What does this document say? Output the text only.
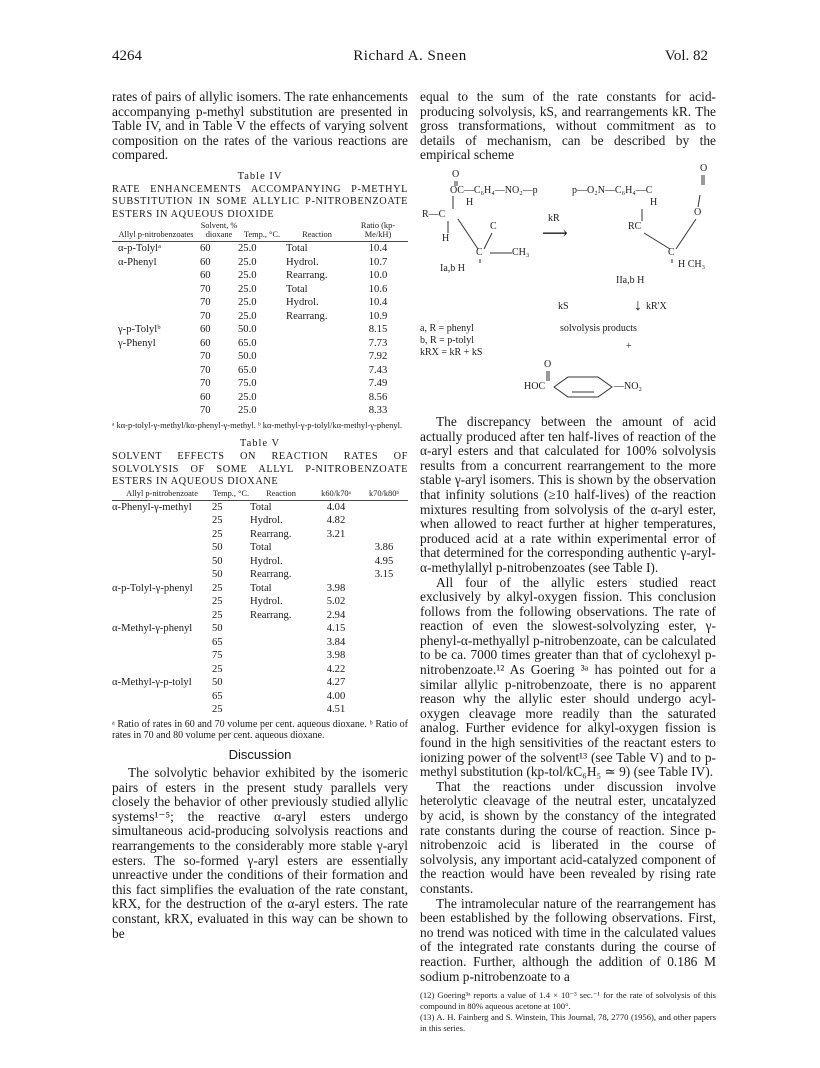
4264	Richard A. Sneen	Vol. 82

rates of pairs of allylic isomers. The rate enhancements accompanying p-methyl substitution are presented in Table IV, and in Table V the effects of varying solvent composition on the rates of the various reactions are compared.

Table IV

RATE ENHANCEMENTS ACCOMPANYING P-METHYL SUBSTITUTION IN SOME ALLYLIC P-NITROBENZOATE ESTERS IN AQUEOUS DIOXIDE

Allyl p-nitrobenzoates	Solvent, % dioxane	Temp., °C.	Reaction	Ratio (kp-Me/kH)
α-p-Tolylᵃ	60	25.0	Total	10.4
α-Phenyl	60	25.0	Hydrol.	10.7
	60	25.0	Rearrang.	10.0
	70	25.0	Total	10.6
	70	25.0	Hydrol.	10.4
	70	25.0	Rearrang.	10.9
γ-p-Tolylᵇ	60	50.0		8.15
γ-Phenyl	60	65.0		7.73
	70	50.0		7.92
	70	65.0		7.43
	70	75.0		7.49
	60	25.0		8.56
	70	25.0		8.33

ᵃ kα-p-tolyl-γ-methyl/kα-phenyl-γ-methyl. ᵇ kα-methyl-γ-p-tolyl/kα-methyl-γ-phenyl.

Table V

SOLVENT EFFECTS ON REACTION RATES OF SOLVOLYSIS OF SOME ALLYL P-NITROBENZOATE ESTERS IN AQUEOUS DIOXANE

Allyl p-nitrobenzoate	Temp., °C.	Reaction	k60/k70ᵃ	k70/k80ᵇ
α-Phenyl-γ-methyl	25	Total	4.04	
	25	Hydrol.	4.82	
	25	Rearrang.	3.21	
	50	Total		3.86
	50	Hydrol.		4.95
	50	Rearrang.		3.15
α-p-Tolyl-γ-phenyl	25	Total	3.98	
	25	Hydrol.	5.02	
	25	Rearrang.	2.94	
α-Methyl-γ-phenyl	50		4.15	
	65		3.84	
	75		3.98	
	25		4.22	
α-Methyl-γ-p-tolyl	50		4.27	
	65		4.00	
	25		4.51	

ᵃ Ratio of rates in 60 and 70 volume per cent. aqueous dioxane. ᵇ Ratio of rates in 70 and 80 volume per cent. aqueous dioxane.

Discussion

The solvolytic behavior exhibited by the isomeric pairs of esters in the present study parallels very closely the behavior of other previously studied allylic systems¹⁻⁵; the reactive α-aryl esters undergo simultaneous acid-producing solvolysis reactions and rearrangements to the considerably more stable γ-aryl esters. The so-formed γ-aryl esters are essentially unreactive under the conditions of their formation and this fact simplifies the evaluation of the rate constant, kRX, for the destruction of the α-aryl esters. The rate constant, kRX, evaluated in this way can be shown to be

equal to the sum of the rate constants for acid-producing solvolysis, kS, and rearrangements kR. The gross transformations, without commitment as to details of mechanism, can be described by the empirical scheme

O
OC—C₆H₄—NO₂—p
H
R—C
C
H
C	CH₃
Ia,b H
kR
⟶
O
p—O₂N—C₆H₄—C
H
O
RC
C
H CH₃
IIa,b H
kS	↓ kR'X
a, R = phenyl
b, R = p-tolyl
kRX = kR + kS
solvolysis products
+
O
HOC	—NO₂

The discrepancy between the amount of acid actually produced after ten half-lives of reaction of the α-aryl esters and that calculated for 100% solvolysis results from a concurrent rearrangement to the more stable γ-aryl isomers. This is shown by the observation that infinity solutions (≥10 half-lives) of the reaction mixtures resulting from solvolysis of the α-aryl ester, when allowed to react further at higher temperatures, produced acid at a rate within experimental error of that determined for the corresponding authentic γ-aryl-α-methylallyl p-nitrobenzoates (see Table I).

All four of the allylic esters studied react exclusively by alkyl-oxygen fission. This conclusion follows from the following observations. The rate of reaction of even the slowest-solvolyzing ester, γ-phenyl-α-methyallyl p-nitrobenzoate, can be calculated to be ca. 7000 times greater than that of cyclohexyl p-nitrobenzoate.¹² As Goering ³ᵃ has pointed out for a similar allylic p-nitrobenzoate, there is no apparent reason why the allylic ester should undergo acyl-oxygen cleavage more readily than the saturated analog. Further evidence for alkyl-oxygen fission is found in the high sensitivities of the reactant esters to ionizing power of the solvent¹³ (see Table V) and to p-methyl substitution (kp-tol/kC₆H₅ ≃ 9) (see Table IV).

That the reactions under discussion involve heterolytic cleavage of the neutral ester, uncatalyzed by acid, is shown by the constancy of the integrated rate constants during the course of reaction. Since p-nitrobenzoic acid is liberated in the course of solvolysis, any important acid-catalyzed component of the reaction would have been revealed by rising rate constants.

The intramolecular nature of the rearrangement has been established by the following observations. First, no trend was noticed with time in the calculated values of the integrated rate constants during the course of reaction. Further, although the addition of 0.186 M sodium p-nitrobenzoate to a

(12) Goering³ᵃ reports a value of 1.4 × 10⁻³ sec.⁻¹ for the rate of solvolysis of this compound in 80% aqueous acetone at 100°.
(13) A. H. Fainberg and S. Winstein, This Journal, 78, 2770 (1956), and other papers in this series.
